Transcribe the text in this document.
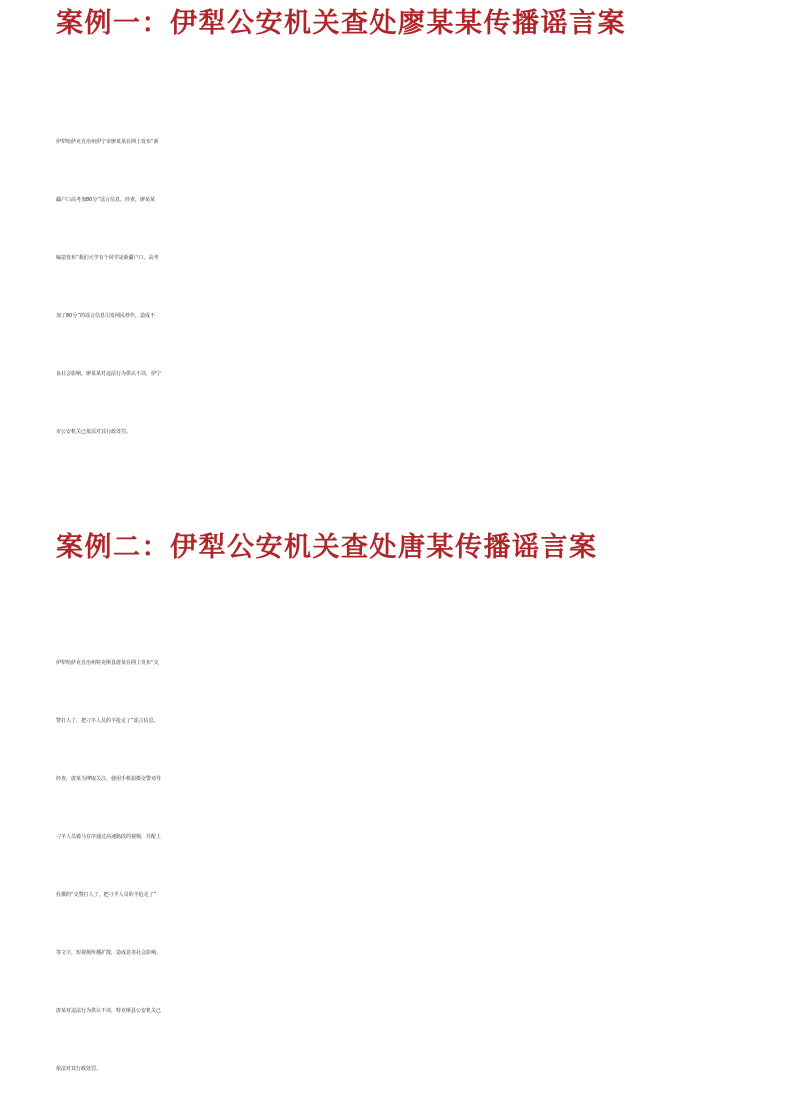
案例一：伊犁公安机关查处廖某某传播谣言案

伊犁哈萨克自治州伊宁市廖某某在网上发布“新
疆户口高考加80分”谣言信息。经查，廖某某
编造发布“我们大学有个同学是新疆户口，高考
加了80分”的谣言信息引发网民炒作，造成不
良社会影响。廖某某对违法行为供认不讳，伊宁
市公安机关已依法对其行政处罚。

案例二：伊犁公安机关查处唐某传播谣言案

伊犁哈萨克自治州特克斯县唐某在网上发布“交
警打人了，把刁羊人员的羊抢走了”谣言信息。
经查，唐某为博取关注，使用手机拍摄交警劝导
刁羊人员骑马有序通过高速路段的视频，并配上
杜撰的“交警打人了，把刁羊人员的羊抢走了”
等文字，短视频传播扩散，造成恶劣社会影响。
唐某对违法行为供认不讳，特克斯县公安机关已
依法对其行政处罚。
